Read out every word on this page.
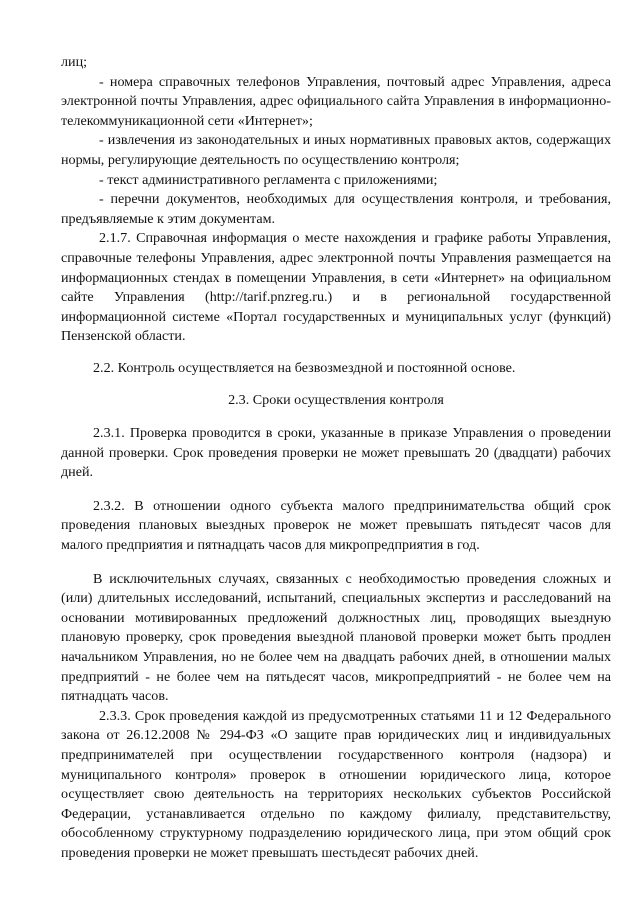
лиц;

- номера справочных телефонов Управления, почтовый адрес Управления, адреса электронной почты Управления, адрес официального сайта Управления в информационно-телекоммуникационной сети «Интернет»;

- извлечения из законодательных и иных нормативных правовых актов, содержащих нормы, регулирующие деятельность по осуществлению контроля;

- текст административного регламента с приложениями;

- перечни документов, необходимых для осуществления контроля, и требования, предъявляемые к этим документам.

2.1.7. Справочная информация о месте нахождения и графике работы Управления, справочные телефоны Управления, адрес электронной почты Управления размещается на информационных стендах в помещении Управления, в сети «Интернет» на официальном сайте Управления (http://tarif.pnzreg.ru.) и в региональной государственной информационной системе «Портал государственных и муниципальных услуг (функций) Пензенской области.

2.2. Контроль осуществляется на безвозмездной и постоянной основе.

2.3. Сроки осуществления контроля

2.3.1. Проверка проводится в сроки, указанные в приказе Управления о проведении данной проверки. Срок проведения проверки не может превышать 20 (двадцати) рабочих дней.

2.3.2. В отношении одного субъекта малого предпринимательства общий срок проведения плановых выездных проверок не может превышать пятьдесят часов для малого предприятия и пятнадцать часов для микропредприятия в год.

В исключительных случаях, связанных с необходимостью проведения сложных и (или) длительных исследований, испытаний, специальных экспертиз и расследований на основании мотивированных предложений должностных лиц, проводящих выездную плановую проверку, срок проведения выездной плановой проверки может быть продлен начальником Управления, но не более чем на двадцать рабочих дней, в отношении малых предприятий - не более чем на пятьдесят часов, микропредприятий - не более чем на пятнадцать часов.

2.3.3. Срок проведения каждой из предусмотренных статьями 11 и 12 Федерального закона от 26.12.2008 № 294-ФЗ «О защите прав юридических лиц и индивидуальных предпринимателей при осуществлении государственного контроля (надзора) и муниципального контроля» проверок в отношении юридического лица, которое осуществляет свою деятельность на территориях нескольких субъектов Российской Федерации, устанавливается отдельно по каждому филиалу, представительству, обособленному структурному подразделению юридического лица, при этом общий срок проведения проверки не может превышать шестьдесят рабочих дней.
